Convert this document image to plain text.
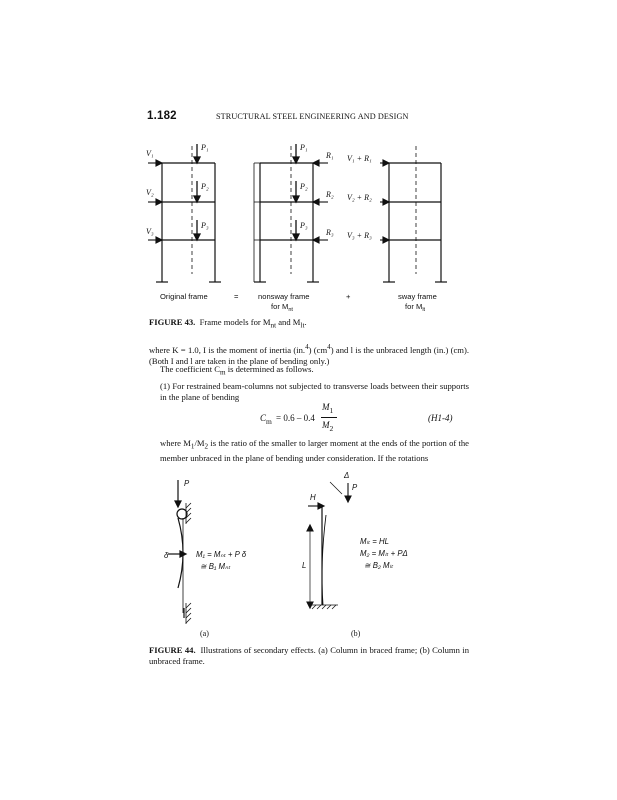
1.182	STRUCTURAL STEEL ENGINEERING AND DESIGN
V₁
V₂
V₃
P₁
P₂
P₃
P₁
P₂
P₃
R₁
R₂
R₃
V₁ + R₁
V₂ + R₂
V₃ + R₃
Original frame	=	nonsway frame
for $M_{nt}$
+	sway frame
for $M_{lt}$
FIGURE 43. Frame models for $M_{nt}$ and $M_{lt}$.
where K = 1.0, I is the moment of inertia (in.$^4$) $(cm^4)$ and l is the unbraced length (in.) (cm). (Both I and l are taken in the plane of bending only.)
The coefficient $C_m$ is determined as follows.
(1) For restrained beam-columns not subjected to transverse loads between their supports in the plane of bending
$C_m = 0.6 - 0.4$
$M_1$
$M_2$
(H1-4)
where $M_1/M_2$ is the ratio of the smaller to larger moment at the ends of the portion of the member unbraced in the plane of bending under consideration. If the rotations
P
δ	M₁ = Mₙₜ + P δ
≅ B₁ Mₙₜ
(a)
Δ
P
H
L
Mₗₜ = HL
M₂ = Mₗₜ + PΔ
≅ B₂ Mₗₜ
(b)
FIGURE 44. Illustrations of secondary effects. (a) Column in braced frame; (b) Column in unbraced frame.
